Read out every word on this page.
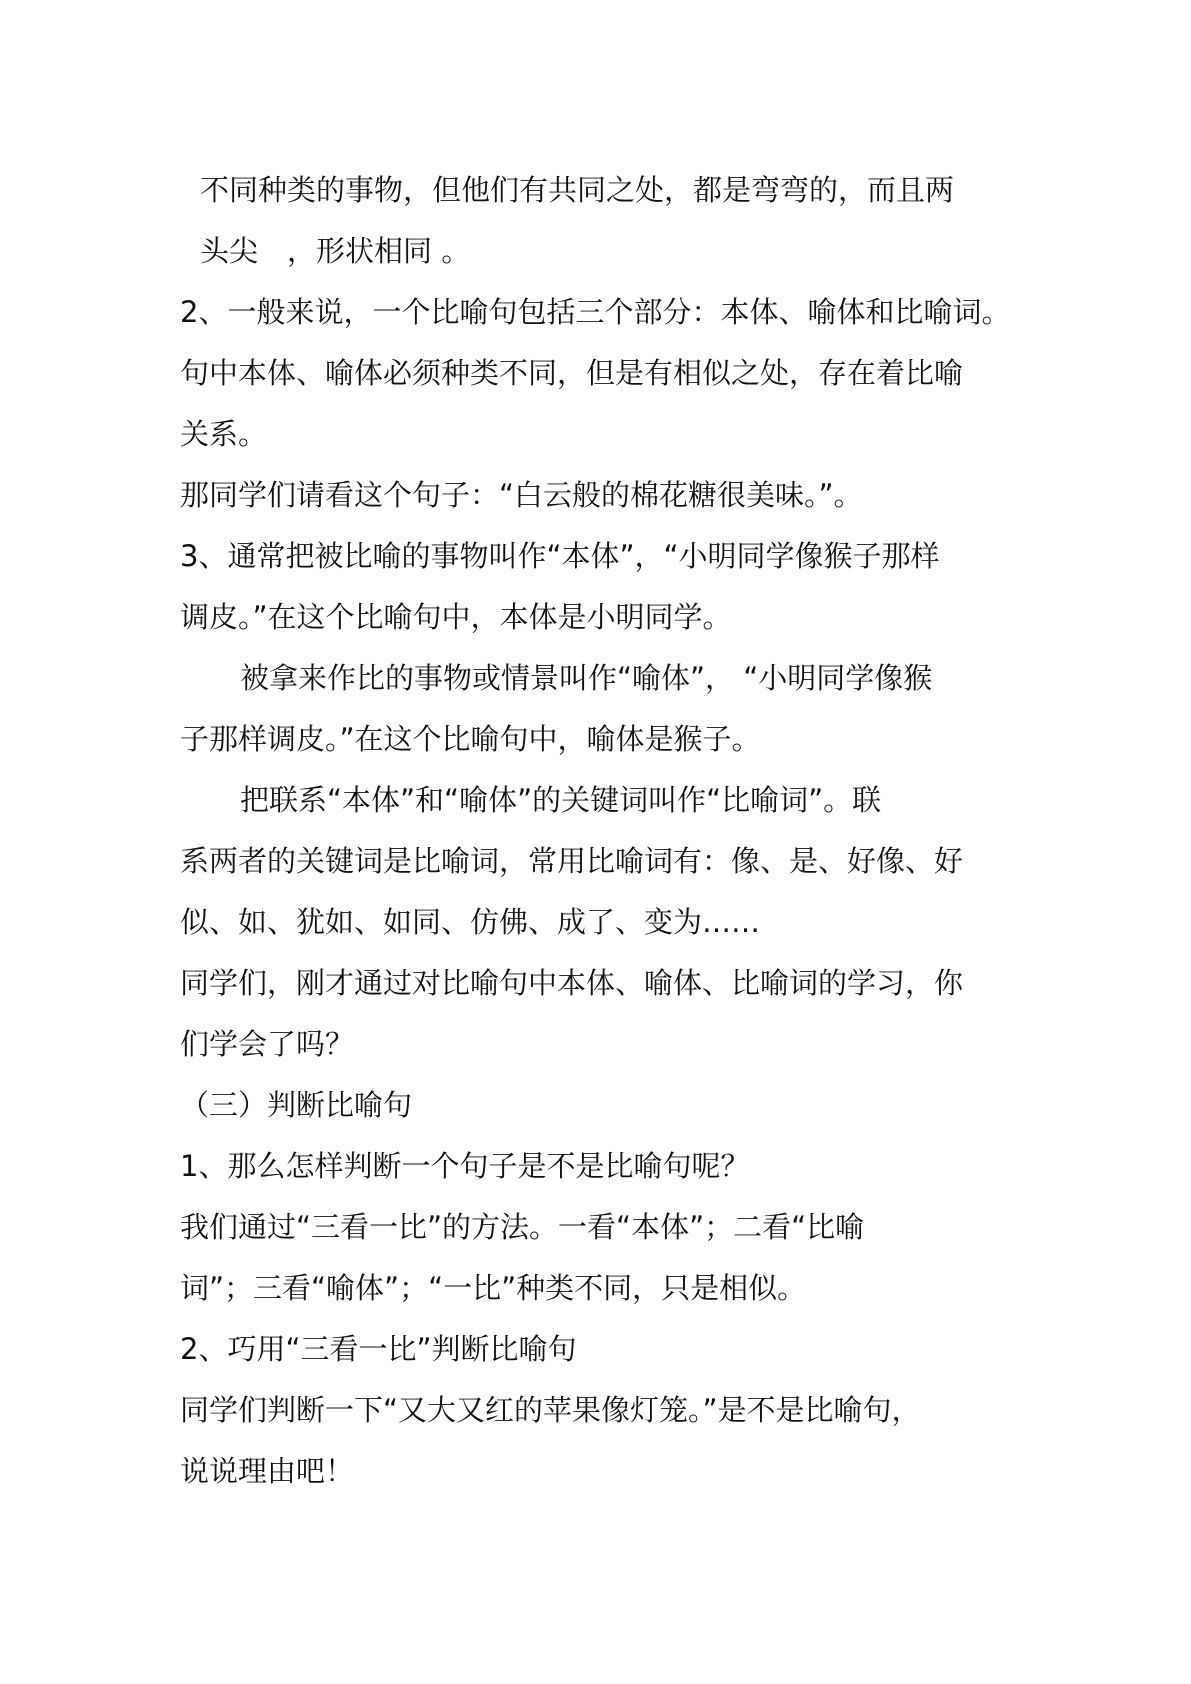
不同种类的事物，但他们有共同之处，都是弯弯的，而且两
头尖　，形状相同 。
2、一般来说，一个比喻句包括三个部分：本体、喻体和比喻词。
句中本体、喻体必须种类不同，但是有相似之处，存在着比喻
关系。
那同学们请看这个句子：“白云般的棉花糖很美味。”。
3、通常把被比喻的事物叫作“本体”，“小明同学像猴子那样
调皮。”在这个比喻句中，本体是小明同学。
被拿来作比的事物或情景叫作“喻体”， “小明同学像猴
子那样调皮。”在这个比喻句中，喻体是猴子。
把联系“本体”和“喻体”的关键词叫作“比喻词”。联
系两者的关键词是比喻词，常用比喻词有：像、是、好像、好
似、如、犹如、如同、仿佛、成了、变为……
同学们，刚才通过对比喻句中本体、喻体、比喻词的学习，你
们学会了吗？
（三）判断比喻句
1、那么怎样判断一个句子是不是比喻句呢？
我们通过“三看一比”的方法。一看“本体”；二看“比喻
词”；三看“喻体”；“一比”种类不同，只是相似。
2、巧用“三看一比”判断比喻句
同学们判断一下“又大又红的苹果像灯笼。”是不是比喻句，
说说理由吧！
